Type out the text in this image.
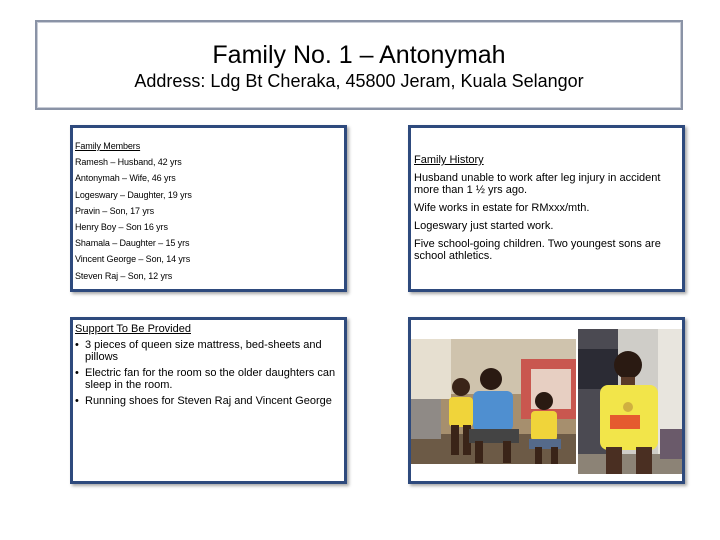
Family No. 1 – Antonymah
Address: Ldg Bt Cheraka, 45800 Jeram, Kuala Selangor
Family Members
Ramesh – Husband, 42 yrs
Antonymah – Wife, 46 yrs
Logeswary – Daughter, 19 yrs
Pravin – Son, 17 yrs
Henry Boy – Son 16 yrs
Shamala – Daughter – 15 yrs
Vincent George – Son, 14 yrs
Steven Raj – Son, 12 yrs
Family History

Husband unable to work after leg injury in accident more than 1 ½ yrs ago.

Wife works in estate for RMxxx/mth.

Logeswary just started work.

Five school-going children. Two youngest sons are school athletics.

Support To Be Provided
• 3 pieces of queen size mattress, bed-sheets and pillows
• Electric fan for the room so the older daughters can sleep in the room.
• Running shoes for Steven Raj and Vincent George
